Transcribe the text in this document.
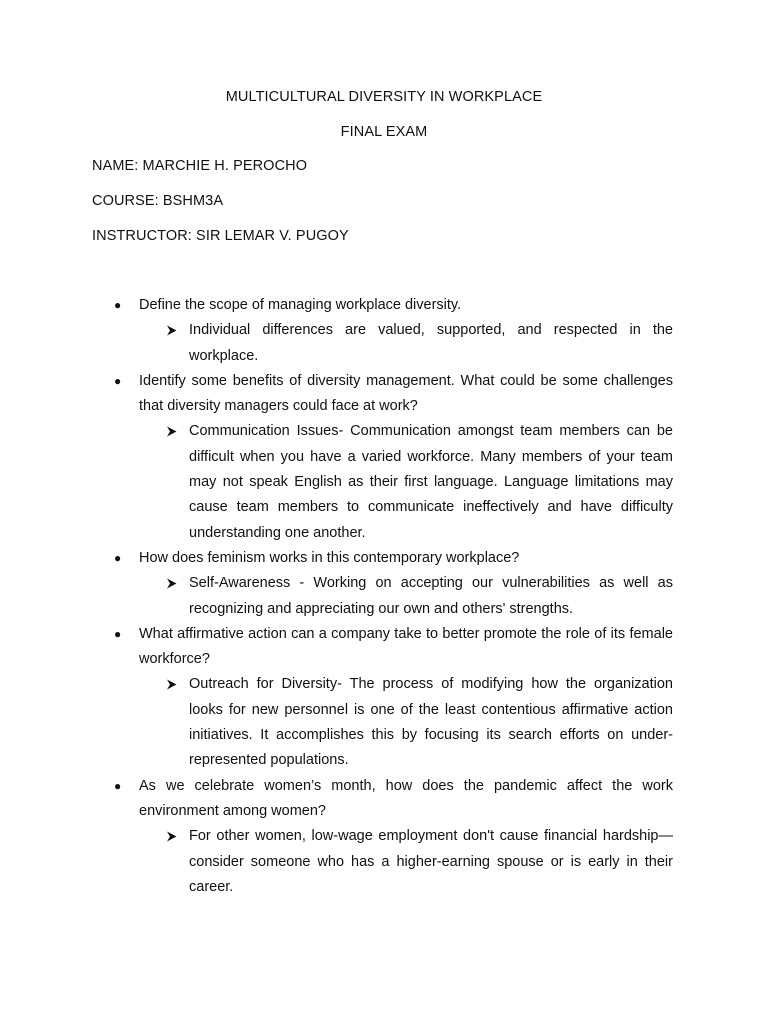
MULTICULTURAL DIVERSITY IN WORKPLACE
FINAL EXAM
NAME: MARCHIE H. PEROCHO
COURSE: BSHM3A
INSTRUCTOR: SIR LEMAR V. PUGOY
● Define the scope of managing workplace diversity.
Individual differences are valued, supported, and respected in the workplace.
● Identify some benefits of diversity management. What could be some challenges that diversity managers could face at work?
Communication Issues- Communication amongst team members can be difficult when you have a varied workforce. Many members of your team may not speak English as their first language. Language limitations may cause team members to communicate ineffectively and have difficulty understanding one another.
● How does feminism works in this contemporary workplace?
Self-Awareness - Working on accepting our vulnerabilities as well as recognizing and appreciating our own and others' strengths.
● What affirmative action can a company take to better promote the role of its female workforce?
Outreach for Diversity- The process of modifying how the organization looks for new personnel is one of the least contentious affirmative action initiatives. It accomplishes this by focusing its search efforts on under-represented populations.
● As we celebrate women’s month, how does the pandemic affect the work environment among women?
For other women, low-wage employment don't cause financial hardship—consider someone who has a higher-earning spouse or is early in their career.
